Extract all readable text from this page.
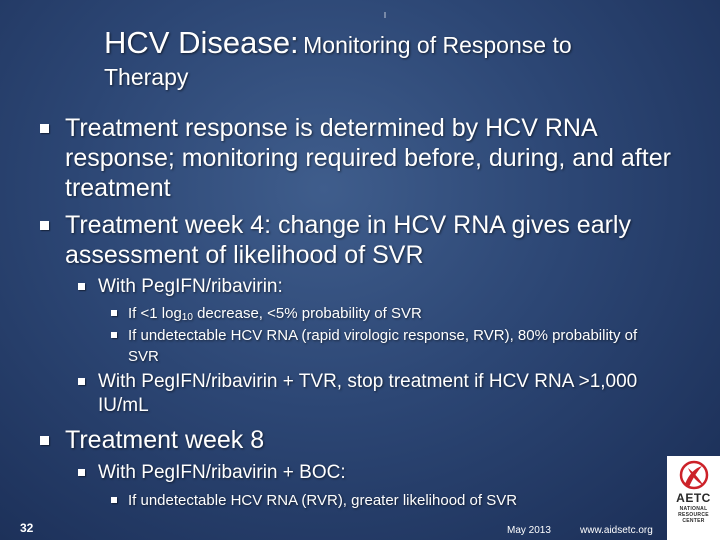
HCV Disease: Monitoring of Response to
Therapy
Treatment response is determined by HCV RNA response; monitoring required before, during, and after treatment
Treatment week 4: change in HCV RNA gives early assessment of likelihood of SVR
With PegIFN/ribavirin:
If <1 $\log_{10}$ decrease, <5% probability of SVR
If undetectable HCV RNA (rapid virologic response, RVR), 80% probability of SVR
With PegIFN/ribavirin + TVR, stop treatment if HCV RNA >1,000 IU/mL
Treatment week 8
With PegIFN/ribavirin + BOC:
If undetectable HCV RNA (RVR), greater likelihood of SVR
32	May 2013	www.aidsetc.org
AETC
NATIONAL
RESOURCE
CENTER
